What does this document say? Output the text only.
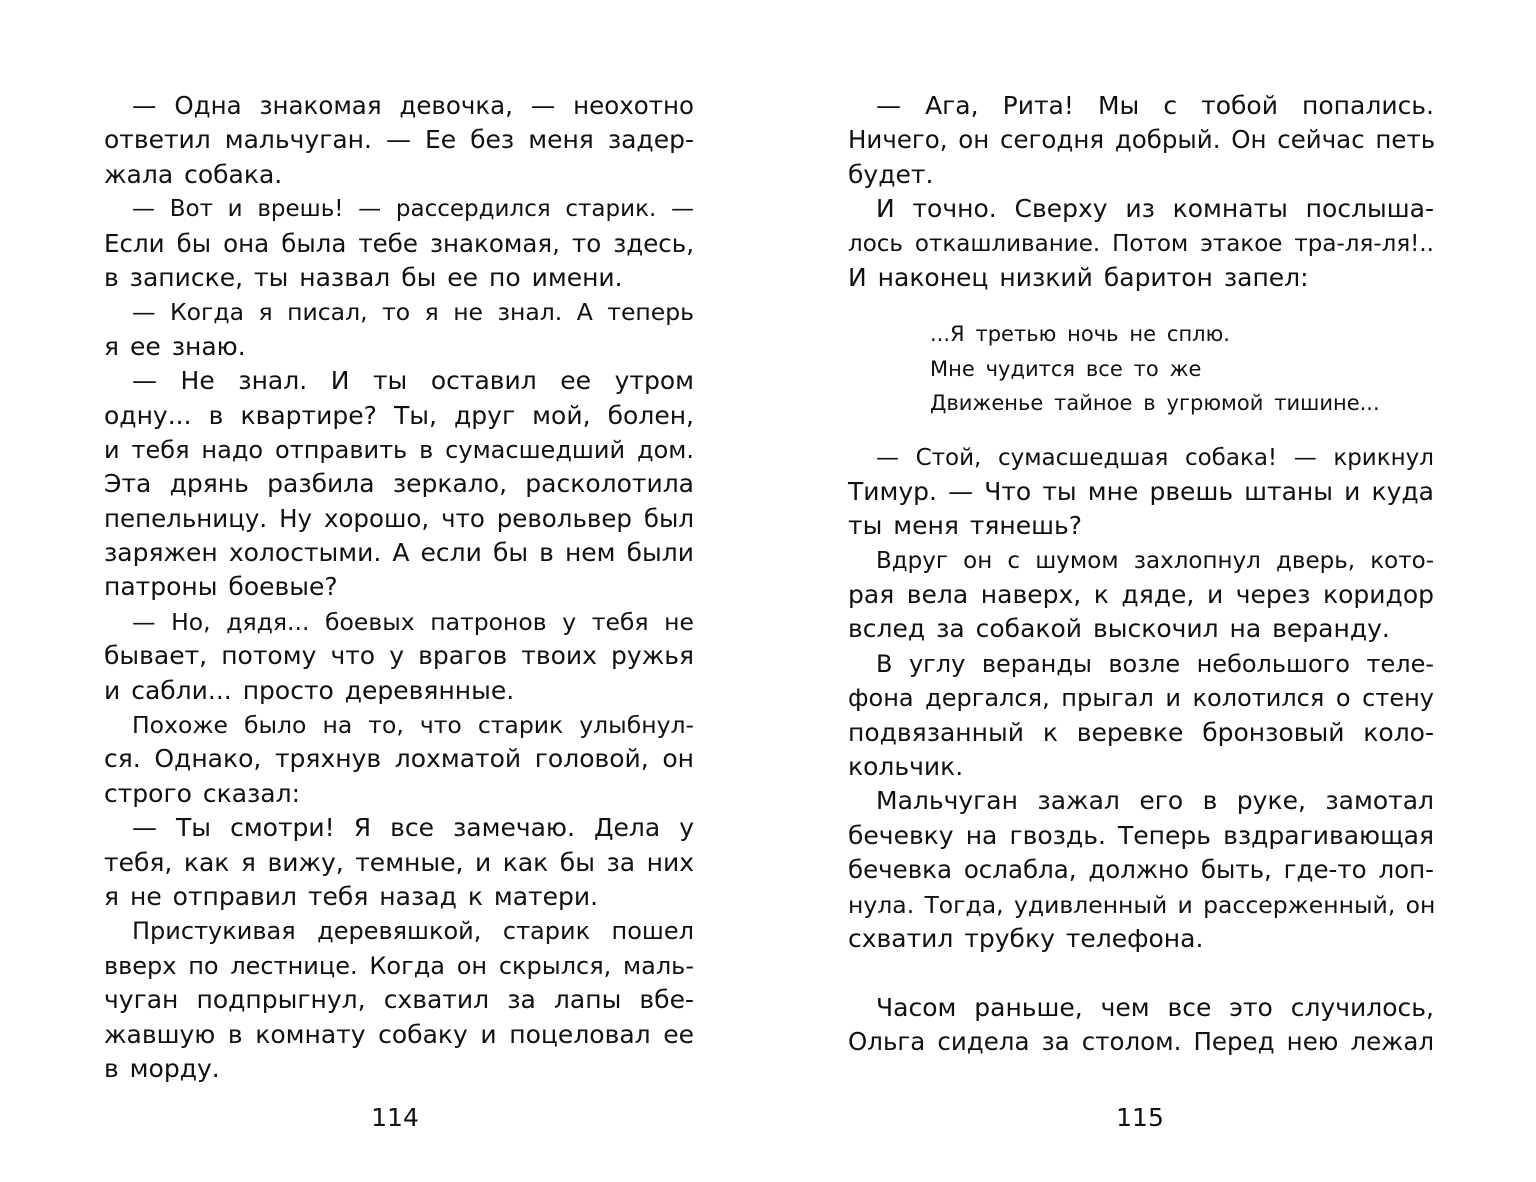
— Одна знакомая девочка, — неохотно
ответил мальчуган. — Ее без меня задер-
жала собака.
— Вот и врешь! — рассердился старик. —
Если бы она была тебе знакомая, то здесь,
в записке, ты назвал бы ее по имени.
— Когда я писал, то я не знал. А теперь
я ее знаю.
— Не знал. И ты оставил ее утром
одну... в квартире? Ты, друг мой, болен,
и тебя надо отправить в сумасшедший дом.
Эта дрянь разбила зеркало, расколотила
пепельницу. Ну хорошо, что револьвер был
заряжен холостыми. А если бы в нем были
патроны боевые?
— Но, дядя... боевых патронов у тебя не
бывает, потому что у врагов твоих ружья
и сабли... просто деревянные.
Похоже было на то, что старик улыбнул-
ся. Однако, тряхнув лохматой головой, он
строго сказал:
— Ты смотри! Я все замечаю. Дела у
тебя, как я вижу, темные, и как бы за них
я не отправил тебя назад к матери.
Пристукивая деревяшкой, старик пошел
вверх по лестнице. Когда он скрылся, маль-
чуган подпрыгнул, схватил за лапы вбе-
жавшую в комнату собаку и поцеловал ее
в морду.
114
— Ага, Рита! Мы с тобой попались.
Ничего, он сегодня добрый. Он сейчас петь
будет.
И точно. Сверху из комнаты послыша-
лось откашливание. Потом этакое тра-ля-ля!..
И наконец низкий баритон запел:
...Я третью ночь не сплю.
Мне чудится все то же
Движенье тайное в угрюмой тишине...
— Стой, сумасшедшая собака! — крикнул
Тимур. — Что ты мне рвешь штаны и куда
ты меня тянешь?
Вдруг он с шумом захлопнул дверь, кото-
рая вела наверх, к дяде, и через коридор
вслед за собакой выскочил на веранду.
В углу веранды возле небольшого теле-
фона дергался, прыгал и колотился о стену
подвязанный к веревке бронзовый коло-
кольчик.
Мальчуган зажал его в руке, замотал
бечевку на гвоздь. Теперь вздрагивающая
бечевка ослабла, должно быть, где-то лоп-
нула. Тогда, удивленный и рассерженный, он
схватил трубку телефона.
Часом раньше, чем все это случилось,
Ольга сидела за столом. Перед нею лежал
115
